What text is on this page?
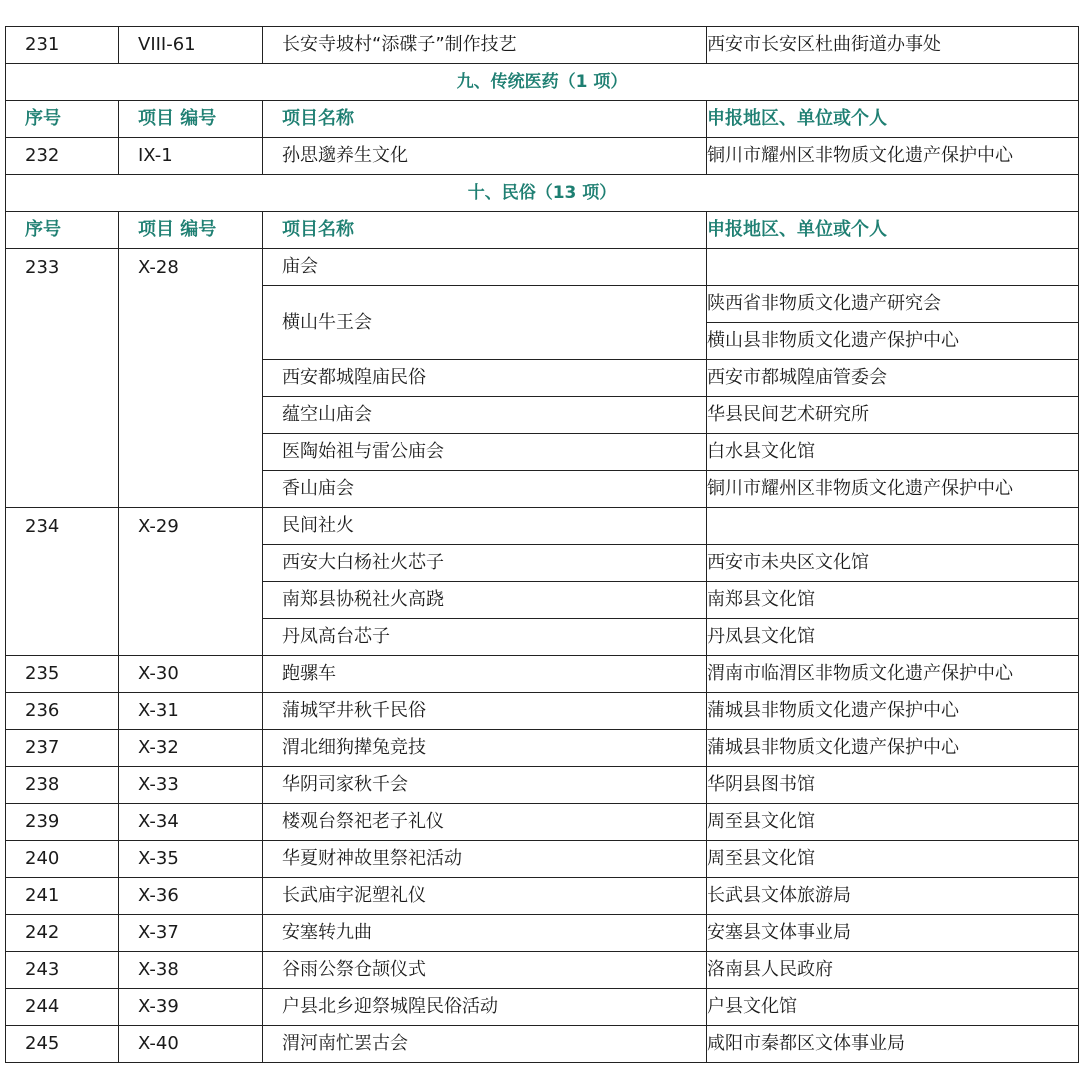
231	VIII-61	长安寺坡村“添碟子”制作技艺	西安市长安区杜曲街道办事处
九、传统医药（1 项）			
序号	项目 编号	项目名称	申报地区、单位或个人
232	IX-1	孙思邈养生文化	铜川市耀州区非物质文化遗产保护中心
十、民俗（13 项）			
序号	项目 编号	项目名称	申报地区、单位或个人
233	X-28	庙会	
		横山牛王会	陕西省非物质文化遗产研究会
			横山县非物质文化遗产保护中心
		西安都城隍庙民俗	西安市都城隍庙管委会
		蕴空山庙会	华县民间艺术研究所
		医陶始祖与雷公庙会	白水县文化馆
		香山庙会	铜川市耀州区非物质文化遗产保护中心
234	X-29	民间社火	
		西安大白杨社火芯子	西安市未央区文化馆
		南郑县协税社火高跷	南郑县文化馆
		丹凤高台芯子	丹凤县文化馆
235	X-30	跑骡车	渭南市临渭区非物质文化遗产保护中心
236	X-31	蒲城罕井秋千民俗	蒲城县非物质文化遗产保护中心
237	X-32	渭北细狗撵兔竞技	蒲城县非物质文化遗产保护中心
238	X-33	华阴司家秋千会	华阴县图书馆
239	X-34	楼观台祭祀老子礼仪	周至县文化馆
240	X-35	华夏财神故里祭祀活动	周至县文化馆
241	X-36	长武庙宇泥塑礼仪	长武县文体旅游局
242	X-37	安塞转九曲	安塞县文体事业局
243	X-38	谷雨公祭仓颉仪式	洛南县人民政府
244	X-39	户县北乡迎祭城隍民俗活动	户县文化馆
245	X-40	渭河南忙罢古会	咸阳市秦都区文体事业局
